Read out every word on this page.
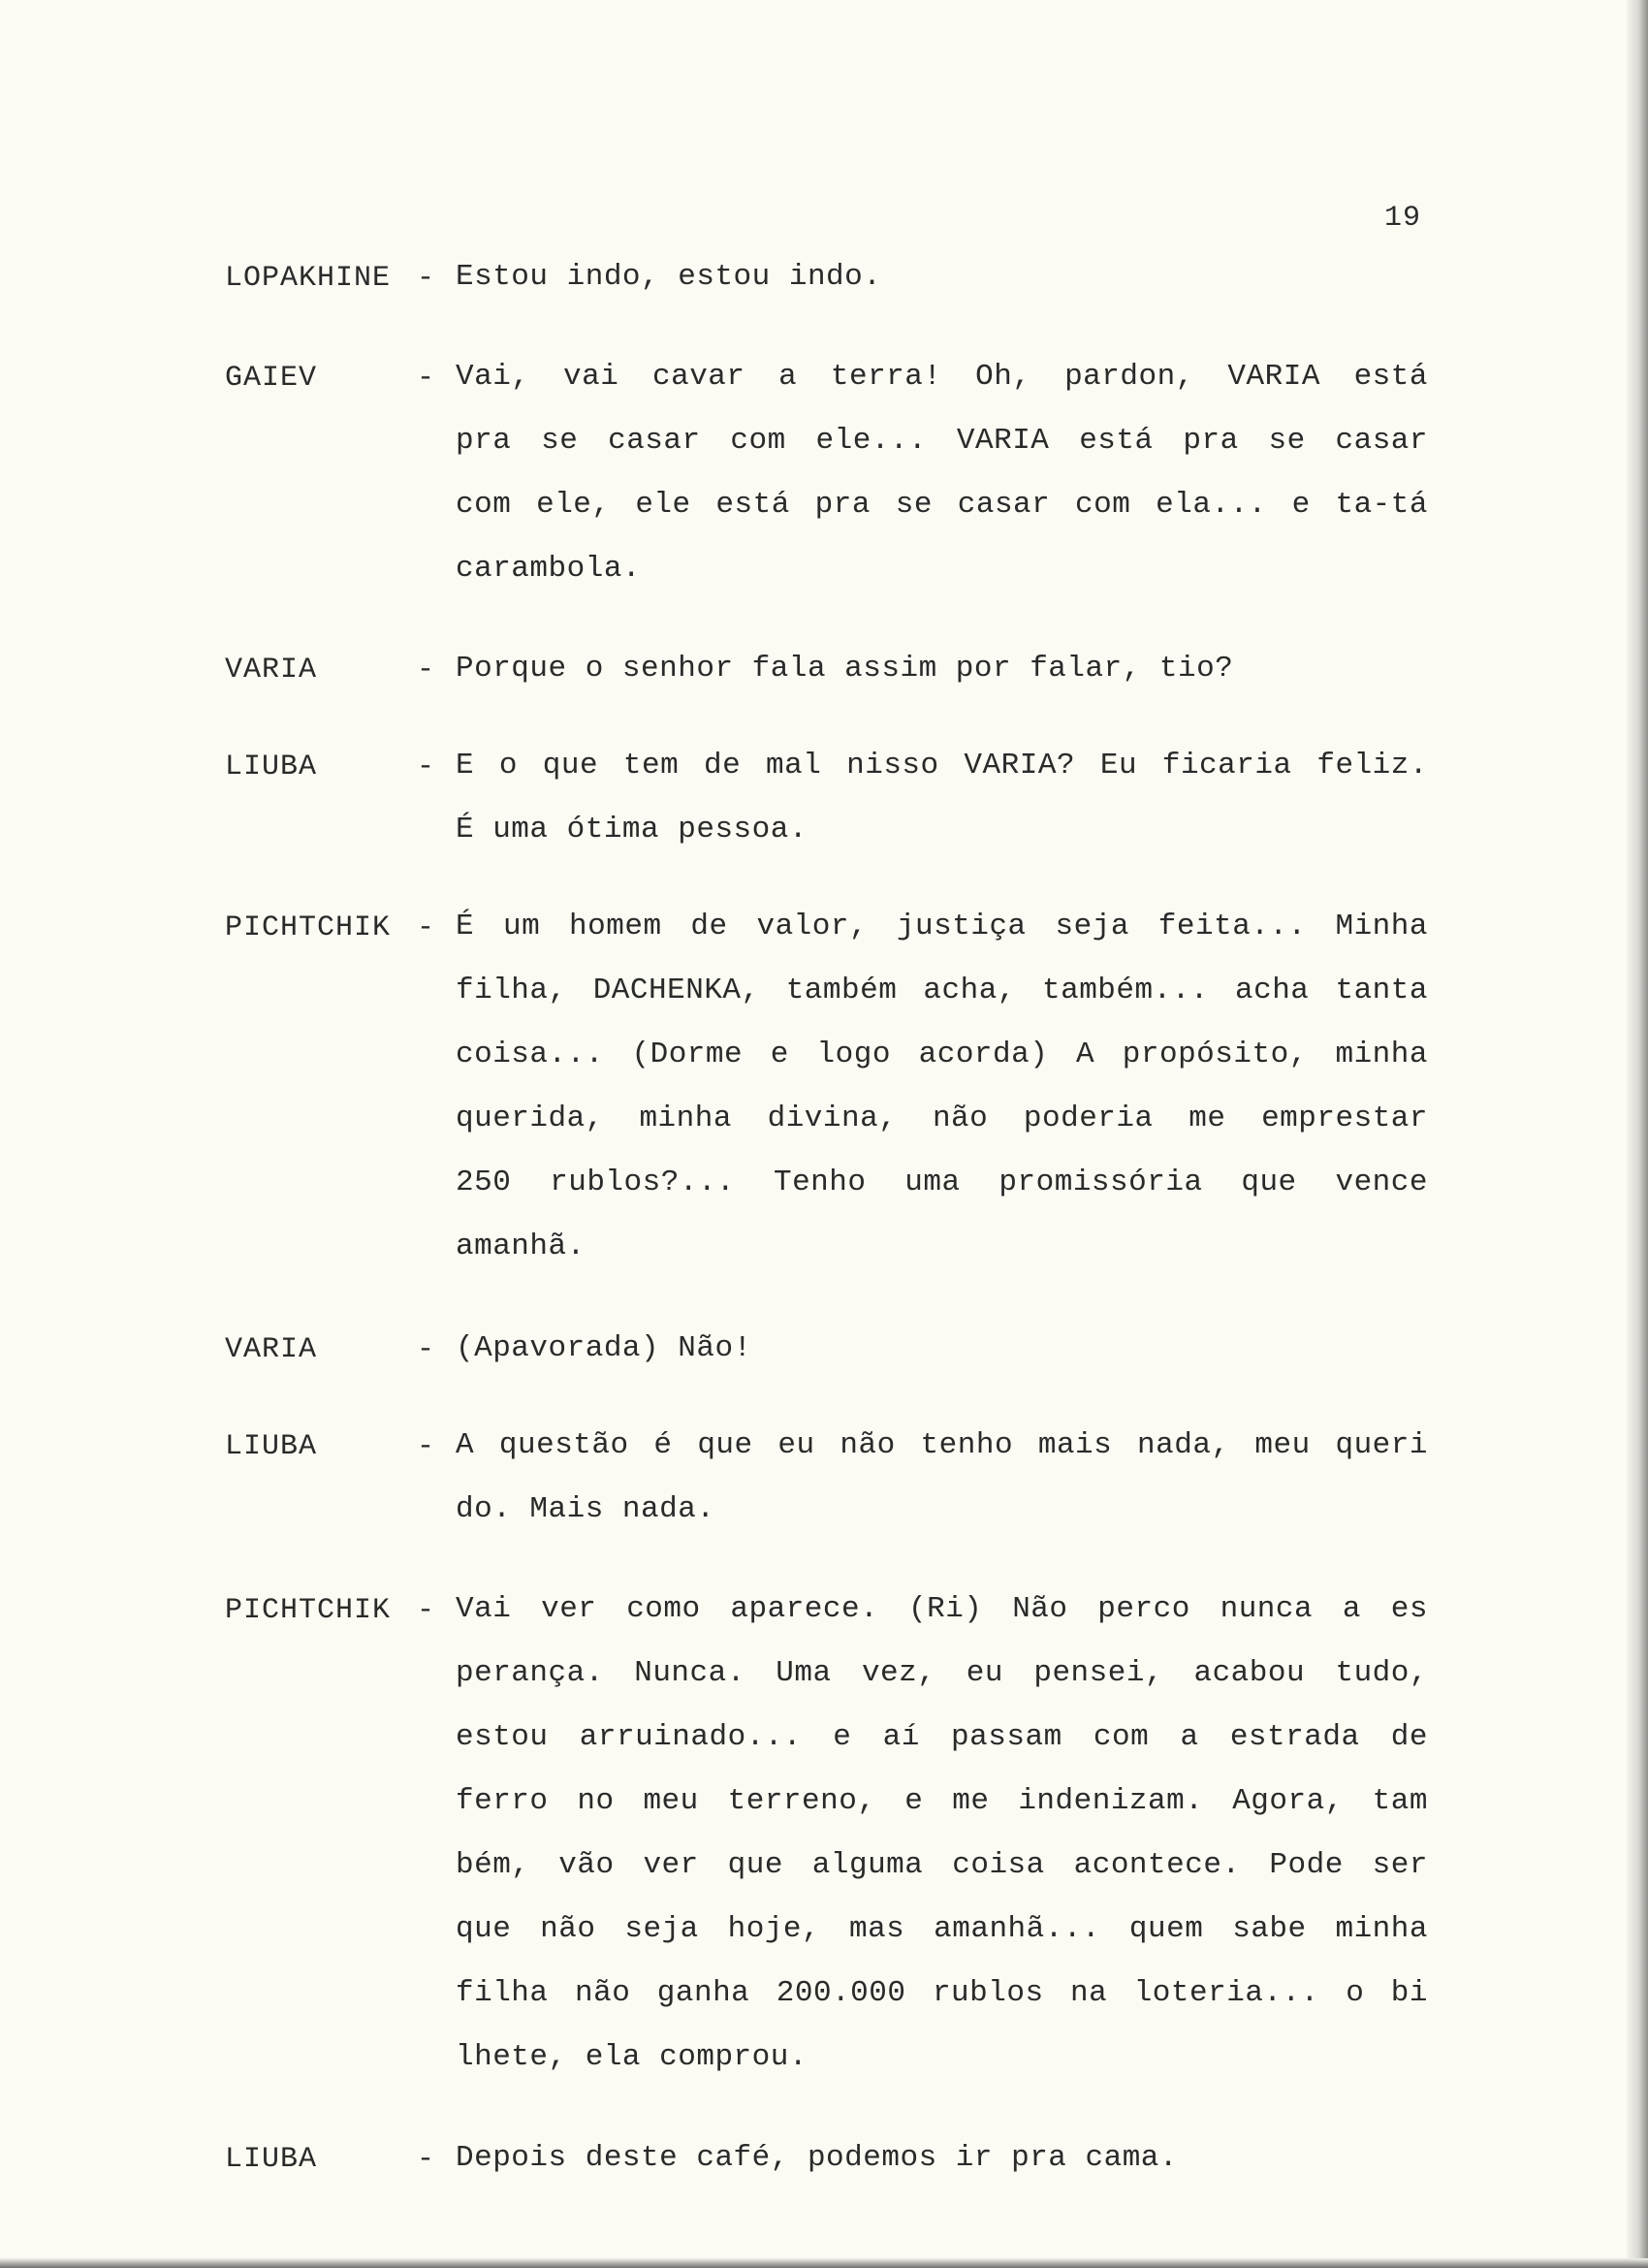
19
LOPAKHINE - Estou indo, estou indo.
GAIEV	- Vai, vai cavar a terra! Oh, pardon, VARIA está
pra se casar com ele... VARIA está pra se casar
com ele, ele está pra se casar com ela... e ta-tá
carambola.
VARIA	- Porque o senhor fala assim por falar, tio?
LIUBA	- E o que tem de mal nisso VARIA? Eu ficaria feliz.
É uma ótima pessoa.
PICHTCHIK - É um homem de valor, justiça seja feita... Minha
filha, DACHENKA, também acha, também... acha tanta
coisa... (Dorme e logo acorda) A propósito, minha
querida, minha divina, não poderia me emprestar
250 rublos?... Tenho uma promissória que vence
amanhã.
VARIA	- (Apavorada) Não!
LIUBA	- A questão é que eu não tenho mais nada, meu queri
do. Mais nada.
PICHTCHIK - Vai ver como aparece. (Ri) Não perco nunca a es
perança. Nunca. Uma vez, eu pensei, acabou tudo,
estou arruinado... e aí passam com a estrada de
ferro no meu terreno, e me indenizam. Agora, tam
bém, vão ver que alguma coisa acontece. Pode ser
que não seja hoje, mas amanhã... quem sabe minha
filha não ganha 200.000 rublos na loteria... o bi
lhete, ela comprou.
LIUBA	- Depois deste café, podemos ir pra cama.
